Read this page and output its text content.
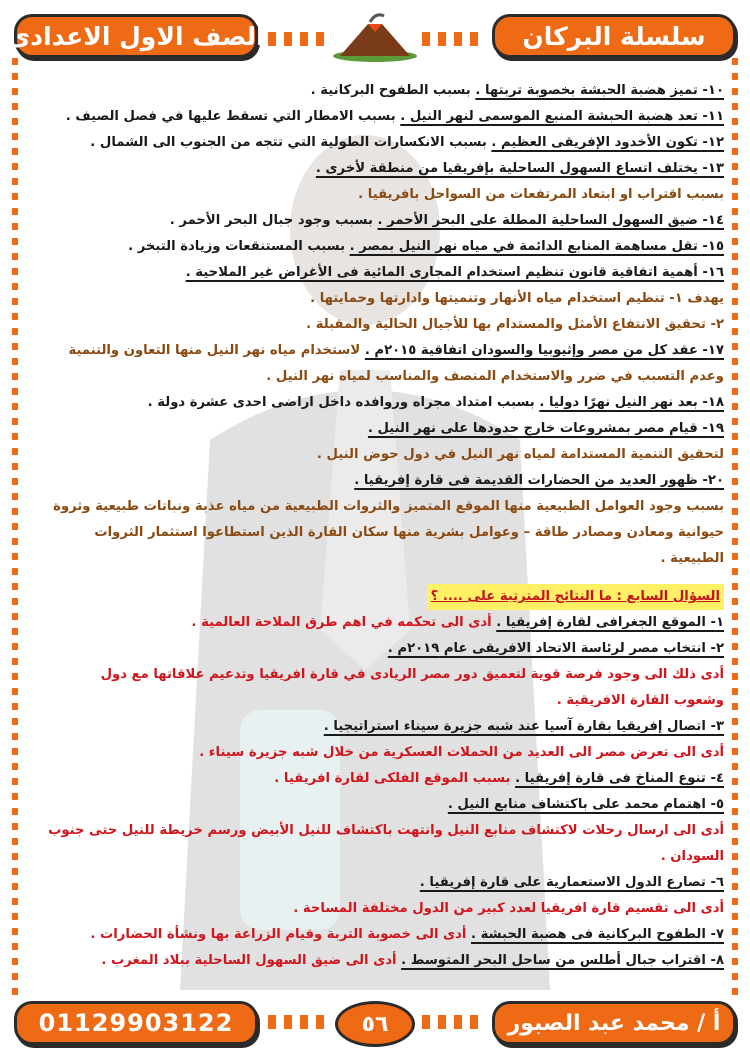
سلسلة البركان
الصف الاول الاعدادى
١٠- تميز هضبة الحبشة بخصوبة تربتها . بسبب الطفوح البركانية .
١١- تعد هضبة الحبشة المنبع الموسمى لنهر النيل . بسبب الامطار التي تسقط عليها في فصل الصيف .
١٢- تكون الأخدود الإفريقى العظيم . بسبب الانكسارات الطولية التي تتجه من الجنوب الى الشمال .
١٣- يختلف اتساع السهول الساحلية بإفريقيا من منطقة لأخرى .
بسبب اقتراب او ابتعاد المرتفعات من السواحل بافريقيا .
١٤- ضيق السهول الساحلية المطلة على البحر الأحمر . بسبب وجود جبال البحر الأحمر .
١٥- تقل مساهمة المنابع الدائمة في مياه نهر النيل بمصر . بسبب المستنقعات وزيادة التبخر .
١٦- أهمية اتفاقية قانون تنظيم استخدام المجارى المائية فى الأغراض غير الملاحية .
يهدف ١- تنظيم استخدام مياه الأنهار وتنميتها وادارتها وحمايتها .
٢- تحقيق الانتفاع الأمثل والمستدام بها للأجيال الحالية والمقبلة .
١٧- عقد كل من مصر وإثيوبيا والسودان اتفاقية ٢٠١٥م . لاستخدام مياه نهر النيل منها التعاون والتنمية
وعدم التسبب في ضرر والاستخدام المنصف والمناسب لمياه نهر النيل .
١٨- بعد نهر النيل نهرًا دوليا . بسبب امتداد مجراه وروافده داخل اراضى احدى عشرة دولة .
١٩- قيام مصر بمشروعات خارج حدودها على نهر النيل .
لتحقيق التنمية المستدامة لمياه نهر النيل في دول حوض النيل .
٢٠- ظهور العديد من الحضارات القديمة فى قارة إفريقيا .
بسبب وجود العوامل الطبيعية منها الموقع المتميز والثروات الطبيعية من مياه عذبة ونباتات طبيعية وثروة
حيوانية ومعادن ومصادر طاقة – وعوامل بشرية منها سكان القارة الذين استطاعوا استثمار الثروات
الطبيعية .
السؤال السابع : ما النتائج المترتبة على .... ؟
١- الموقع الجغرافى لقارة إفريقيا . أدى الى تحكمه في اهم طرق الملاحة العالمية .
٢- انتخاب مصر لرئاسة الاتحاد الافريقى عام ٢٠١٩م .
أدى ذلك الى وجود فرصة قوية لتعميق دور مصر الريادى في قارة افريقيا وتدعيم علاقاتها مع دول
وشعوب القارة الافريقية .
٣- اتصال إفريقيا بقارة آسيا عند شبه جزيرة سيناء استراتيجيا .
أدى الى تعرض مصر الى العديد من الحملات العسكرية من خلال شبه جزيرة سيناء .
٤- تنوع المناخ فى قارة إفريقيا . بسبب الموقع الفلكى لقارة افريقيا .
٥- اهتمام محمد على باكتشاف منابع النيل .
أدى الى ارسال رحلات لاكتشاف منابع النيل وانتهت باكتشاف للنيل الأبيض ورسم خريطة للنيل حتى جنوب
السودان .
٦- تصارع الدول الاستعمارية على قارة إفريقيا .
أدى الى تقسيم قارة افريقيا لعدد كبير من الدول مختلفة المساحة .
٧- الطفوح البركانية فى هضبة الحبشة . أدى الى خصوبة التربة وقيام الزراعة بها ونشأة الحضارات .
٨- اقتراب جبال أطلس من ساحل البحر المتوسط . أدى الى ضيق السهول الساحلية ببلاد المغرب .
أ / محمد عبد الصبور
٥٦
01129903122
